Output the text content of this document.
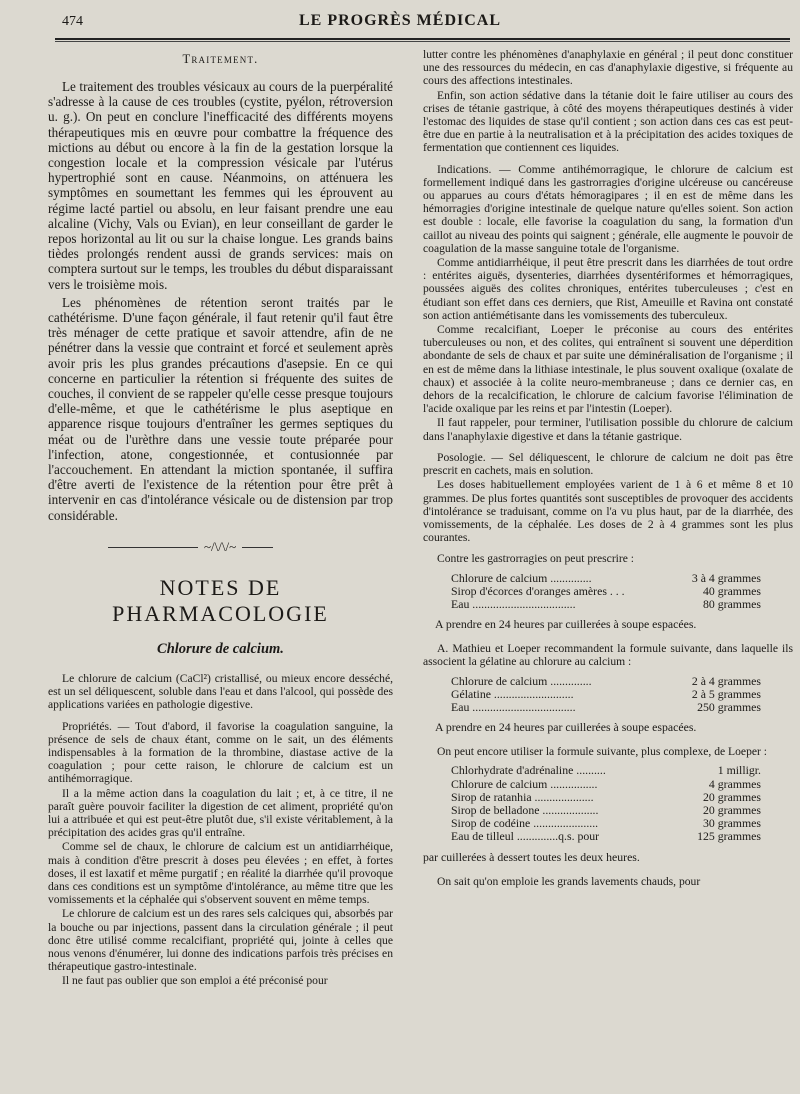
474	LE PROGRÈS MÉDICAL
Traitement.

Le traitement des troubles vésicaux au cours de la puerpéralité s'adresse à la cause de ces troubles (cystite, pyélon, rétroversion u. g.). On peut en conclure l'inefficacité des différents moyens thérapeutiques mis en œuvre pour combattre la fréquence des mictions au début ou encore à la fin de la gestation lorsque la congestion locale et la compression vésicale par l'utérus hypertrophié sont en cause. Néanmoins, on atténuera les symptômes en soumettant les femmes qui les éprouvent au régime lacté partiel ou absolu, en leur faisant prendre une eau alcaline (Vichy, Vals ou Evian), en leur conseillant de garder le repos horizontal au lit ou sur la chaise longue. Les grands bains tièdes prolongés rendent aussi de grands services: mais on comptera surtout sur le temps, les troubles du début disparaissant vers le troisième mois.

Les phénomènes de rétention seront traités par le cathétérisme. D'une façon générale, il faut retenir qu'il faut être très ménager de cette pratique et savoir attendre, afin de ne pénétrer dans la vessie que contraint et forcé et seulement après avoir pris les plus grandes précautions d'asepsie. En ce qui concerne en particulier la rétention si fréquente des suites de couches, il convient de se rappeler qu'elle cesse presque toujours d'elle-même, et que le cathétérisme le plus aseptique en apparence risque toujours d'entraîner les germes septiques du méat ou de l'urèthre dans une vessie toute préparée pour l'infection, atone, congestionnée, et contusionnée par l'accouchement. En attendant la miction spontanée, il suffira d'être averti de l'existence de la rétention pour être prêt à intervenir en cas d'intolérance vésicale ou de distension par trop considérable.

~/\/\/~
NOTES DE PHARMACOLOGIE
Chlorure de calcium.

Le chlorure de calcium (CaCl²) cristallisé, ou mieux encore desséché, est un sel déliquescent, soluble dans l'eau et dans l'alcool, qui possède des applications variées en pathologie digestive.

Propriétés. — Tout d'abord, il favorise la coagulation sanguine, la présence de sels de chaux étant, comme on le sait, un des éléments indispensables à la formation de la thrombine, diastase active de la coagulation ; pour cette raison, le chlorure de calcium est un antihémorragique.

Il a la même action dans la coagulation du lait ; et, à ce titre, il ne paraît guère pouvoir faciliter la digestion de cet aliment, propriété qu'on lui a attribuée et qui est peut-être plutôt due, s'il existe véritablement, à la précipitation des acides gras qu'il entraîne.

Comme sel de chaux, le chlorure de calcium est un antidiarrhéique, mais à condition d'être prescrit à doses peu élevées ; en effet, à fortes doses, il est laxatif et même purgatif ; en réalité la diarrhée qu'il provoque dans ces conditions est un symptôme d'intolérance, au même titre que les vomissements et la céphalée qui s'observent souvent en même temps.

Le chlorure de calcium est un des rares sels calciques qui, absorbés par la bouche ou par injections, passent dans la circulation générale ; il peut donc être utilisé comme recalcifiant, propriété qui, jointe à celles que nous venons d'énumérer, lui donne des indications parfois très précises en thérapeutique gastro-intestinale.

Il ne faut pas oublier que son emploi a été préconisé pour

lutter contre les phénomènes d'anaphylaxie en général ; il peut donc constituer une des ressources du médecin, en cas d'anaphylaxie digestive, si fréquente au cours des affections intestinales.

Enfin, son action sédative dans la tétanie doit le faire utiliser au cours des crises de tétanie gastrique, à côté des moyens thérapeutiques destinés à vider l'estomac des liquides de stase qu'il contient ; son action dans ces cas est peut-être due en partie à la neutralisation et à la précipitation des acides toxiques de fermentation que contiennent ces liquides.

Indications. — Comme antihémorragique, le chlorure de calcium est formellement indiqué dans les gastrorragies d'origine ulcéreuse ou cancéreuse ou apparues au cours d'états hémoragipares ; il en est de même dans les hémorragies d'origine intestinale de quelque nature qu'elles soient. Son action est double : locale, elle favorise la coagulation du sang, la formation d'un caillot au niveau des points qui saignent ; générale, elle augmente le pouvoir de coagulation de la masse sanguine totale de l'organisme.

Comme antidiarrhéique, il peut être prescrit dans les diarrhées de tout ordre : entérites aiguës, dysenteries, diarrhées dysentériformes et hémorragiques, poussées aiguës des colites chroniques, entérites tuberculeuses ; c'est en étudiant son effet dans ces derniers, que Rist, Ameuille et Ravina ont constaté son action antiémétisante dans les vomissements des tuberculeux.

Comme recalcifiant, Loeper le préconise au cours des entérites tuberculeuses ou non, et des colites, qui entraînent si souvent une déperdition abondante de sels de chaux et par suite une déminéralisation de l'organisme ; il en est de même dans la lithiase intestinale, le plus souvent oxalique (oxalate de chaux) et associée à la colite neuro-membraneuse ; dans ce dernier cas, en dehors de la recalcification, le chlorure de calcium favorise l'élimination de l'acide oxalique par les reins et par l'intestin (Loeper).

Il faut rappeler, pour terminer, l'utilisation possible du chlorure de calcium dans l'anaphylaxie digestive et dans la tétanie gastrique.

Posologie. — Sel déliquescent, le chlorure de calcium ne doit pas être prescrit en cachets, mais en solution.

Les doses habituellement employées varient de 1 à 6 et même 8 et 10 grammes. De plus fortes quantités sont susceptibles de provoquer des accidents d'intolérance se traduisant, comme on l'a vu plus haut, par de la diarrhée, des vomissements, de la céphalée. Les doses de 2 à 4 grammes sont les plus courantes.

Contre les gastrorragies on peut prescrire :

Chlorure de calcium ..............	3 à 4 grammes
Sirop d'écorces d'oranges amères . . .	40 grammes
Eau ...................................	80 grammes
A prendre en 24 heures par cuillerées à soupe espacées.

A. Mathieu et Loeper recommandent la formule suivante, dans laquelle ils associent la gélatine au chlorure au calcium :

Chlorure de calcium ..............	2 à 4 grammes
Gélatine ...........................	2 à 5 grammes
Eau ...................................	250 grammes
A prendre en 24 heures par cuillerées à soupe espacées.

On peut encore utiliser la formule suivante, plus complexe, de Loeper :

Chlorhydrate d'adrénaline ..........	1 milligr.
Chlorure de calcium ................	4 grammes
Sirop de ratanhia ....................	20 grammes
Sirop de belladone ...................	20 grammes
Sirop de codéine ......................	30 grammes
Eau de tilleul ..............q.s. pour	125 grammes
par cuillerées à dessert toutes les deux heures.

On sait qu'on emploie les grands lavements chauds, pour
